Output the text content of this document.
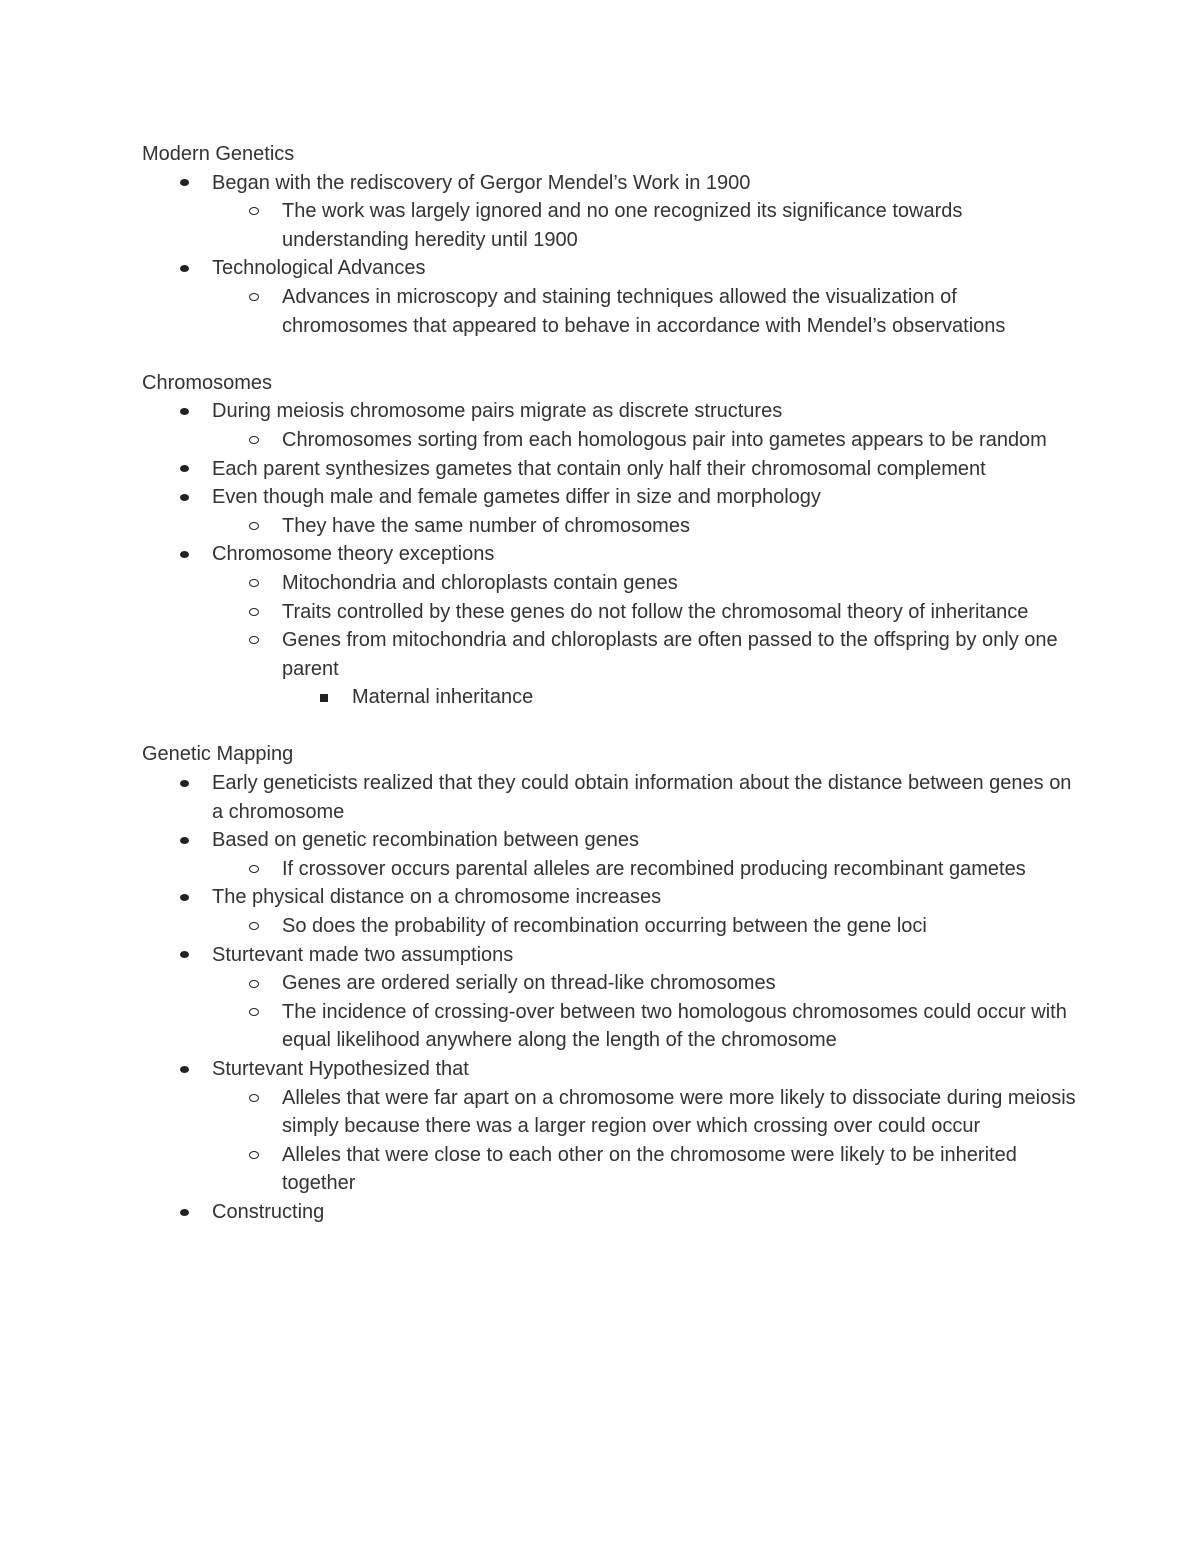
Modern Genetics
Began with the rediscovery of Gergor Mendel’s Work in 1900
The work was largely ignored and no one recognized its significance towards understanding heredity until 1900
Technological Advances
Advances in microscopy and staining techniques allowed the visualization of chromosomes that appeared to behave in accordance with Mendel’s observations
Chromosomes
During meiosis chromosome pairs migrate as discrete structures
Chromosomes sorting from each homologous pair into gametes appears to be random
Each parent synthesizes gametes that contain only half their chromosomal complement
Even though male and female gametes differ in size and morphology
They have the same number of chromosomes
Chromosome theory exceptions
Mitochondria and chloroplasts contain genes
Traits controlled by these genes do not follow the chromosomal theory of inheritance
Genes from mitochondria and chloroplasts are often passed to the offspring by only one parent
Maternal inheritance
Genetic Mapping
Early geneticists realized that they could obtain information about the distance between genes on a chromosome
Based on genetic recombination between genes
If crossover occurs parental alleles are recombined producing recombinant gametes
The physical distance on a chromosome increases
So does the probability of recombination occurring between the gene loci
Sturtevant made two assumptions
Genes are ordered serially on thread-like chromosomes
The incidence of crossing-over between two homologous chromosomes could occur with equal likelihood anywhere along the length of the chromosome
Sturtevant Hypothesized that
Alleles that were far apart on a chromosome were more likely to dissociate during meiosis simply because there was a larger region over which crossing over could occur
Alleles that were close to each other on the chromosome were likely to be inherited together
Constructing
